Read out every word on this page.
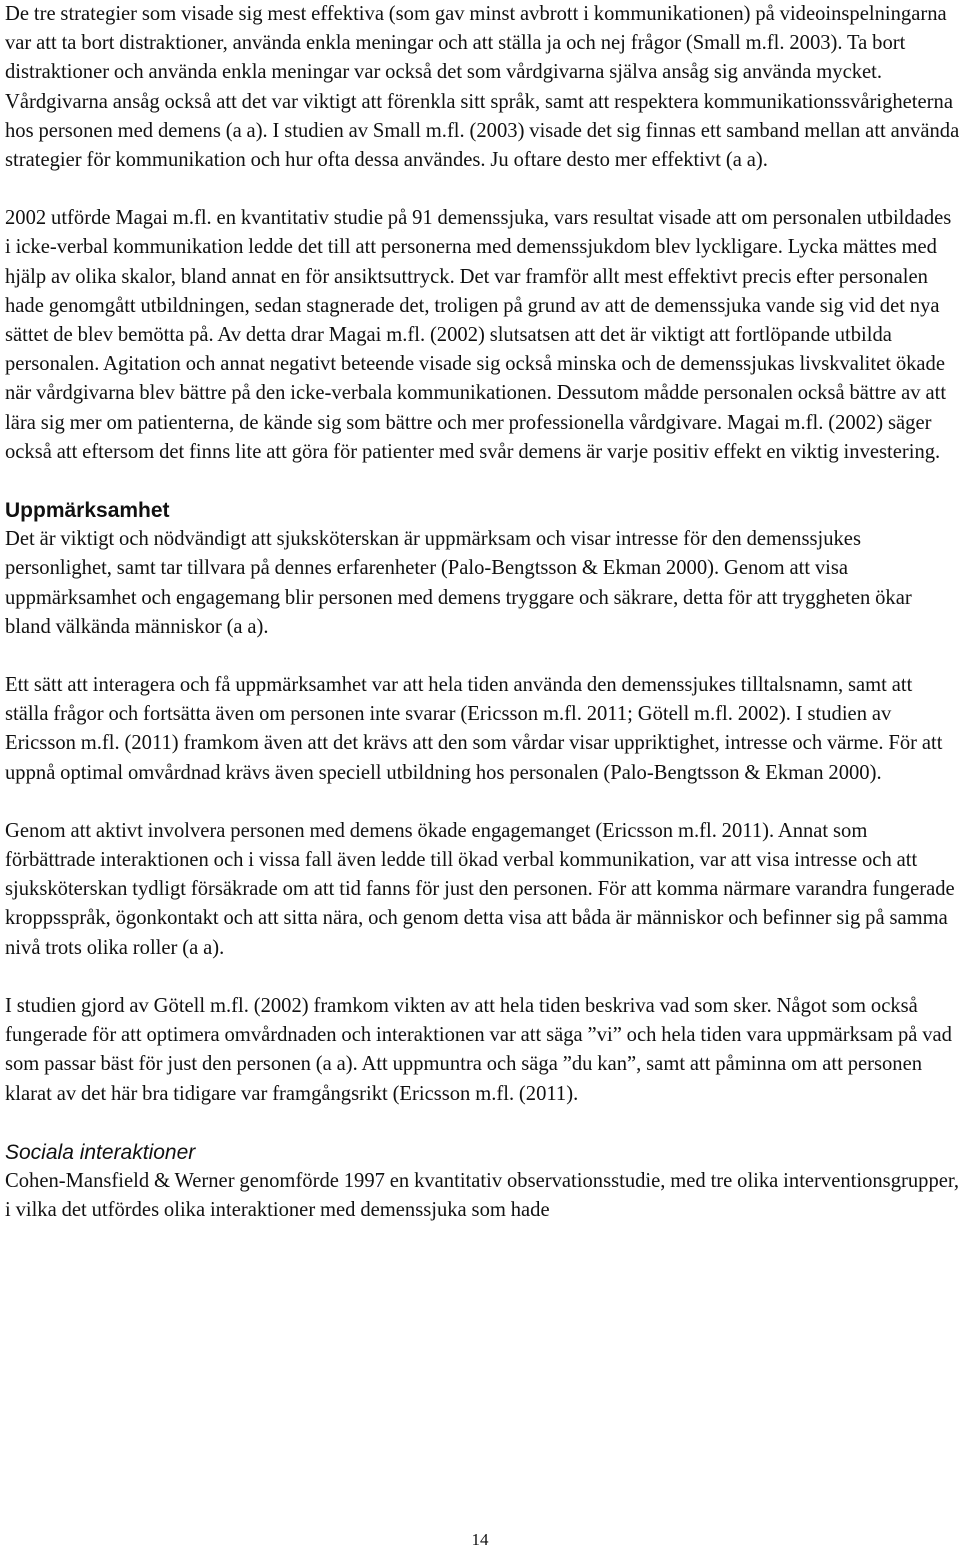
De tre strategier som visade sig mest effektiva (som gav minst avbrott i kommunikationen) på videoinspelningarna var att ta bort distraktioner, använda enkla meningar och att ställa ja och nej frågor (Small m.fl. 2003). Ta bort distraktioner och använda enkla meningar var också det som vårdgivarna själva ansåg sig använda mycket. Vårdgivarna ansåg också att det var viktigt att förenkla sitt språk, samt att respektera kommunikationssvårigheterna hos personen med demens (a a). I studien av Small m.fl. (2003) visade det sig finnas ett samband mellan att använda strategier för kommunikation och hur ofta dessa användes. Ju oftare desto mer effektivt (a a).

2002 utförde Magai m.fl. en kvantitativ studie på 91 demenssjuka, vars resultat visade att om personalen utbildades i icke-verbal kommunikation ledde det till att personerna med demenssjukdom blev lyckligare. Lycka mättes med hjälp av olika skalor, bland annat en för ansiktsuttryck. Det var framför allt mest effektivt precis efter personalen hade genomgått utbildningen, sedan stagnerade det, troligen på grund av att de demenssjuka vande sig vid det nya sättet de blev bemötta på. Av detta drar Magai m.fl. (2002) slutsatsen att det är viktigt att fortlöpande utbilda personalen. Agitation och annat negativt beteende visade sig också minska och de demenssjukas livskvalitet ökade när vårdgivarna blev bättre på den icke-verbala kommunikationen. Dessutom mådde personalen också bättre av att lära sig mer om patienterna, de kände sig som bättre och mer professionella vårdgivare. Magai m.fl. (2002) säger också att eftersom det finns lite att göra för patienter med svår demens är varje positiv effekt en viktig investering.

Uppmärksamhet

Det är viktigt och nödvändigt att sjuksköterskan är uppmärksam och visar intresse för den demenssjukes personlighet, samt tar tillvara på dennes erfarenheter (Palo-Bengtsson & Ekman 2000). Genom att visa uppmärksamhet och engagemang blir personen med demens tryggare och säkrare, detta för att tryggheten ökar bland välkända människor (a a).

Ett sätt att interagera och få uppmärksamhet var att hela tiden använda den demenssjukes tilltalsnamn, samt att ställa frågor och fortsätta även om personen inte svarar (Ericsson m.fl. 2011; Götell m.fl. 2002). I studien av Ericsson m.fl. (2011) framkom även att det krävs att den som vårdar visar uppriktighet, intresse och värme. För att uppnå optimal omvårdnad krävs även speciell utbildning hos personalen (Palo-Bengtsson & Ekman 2000).

Genom att aktivt involvera personen med demens ökade engagemanget (Ericsson m.fl. 2011). Annat som förbättrade interaktionen och i vissa fall även ledde till ökad verbal kommunikation, var att visa intresse och att sjuksköterskan tydligt försäkrade om att tid fanns för just den personen. För att komma närmare varandra fungerade kroppsspråk, ögonkontakt och att sitta nära, och genom detta visa att båda är människor och befinner sig på samma nivå trots olika roller (a a).

I studien gjord av Götell m.fl. (2002) framkom vikten av att hela tiden beskriva vad som sker. Något som också fungerade för att optimera omvårdnaden och interaktionen var att säga ”vi” och hela tiden vara uppmärksam på vad som passar bäst för just den personen (a a). Att uppmuntra och säga ”du kan”, samt att påminna om att personen klarat av det här bra tidigare var framgångsrikt (Ericsson m.fl. (2011).

Sociala interaktioner

Cohen-Mansfield & Werner genomförde 1997 en kvantitativ observationsstudie, med tre olika interventionsgrupper, i vilka det utfördes olika interaktioner med demenssjuka som hade

14
